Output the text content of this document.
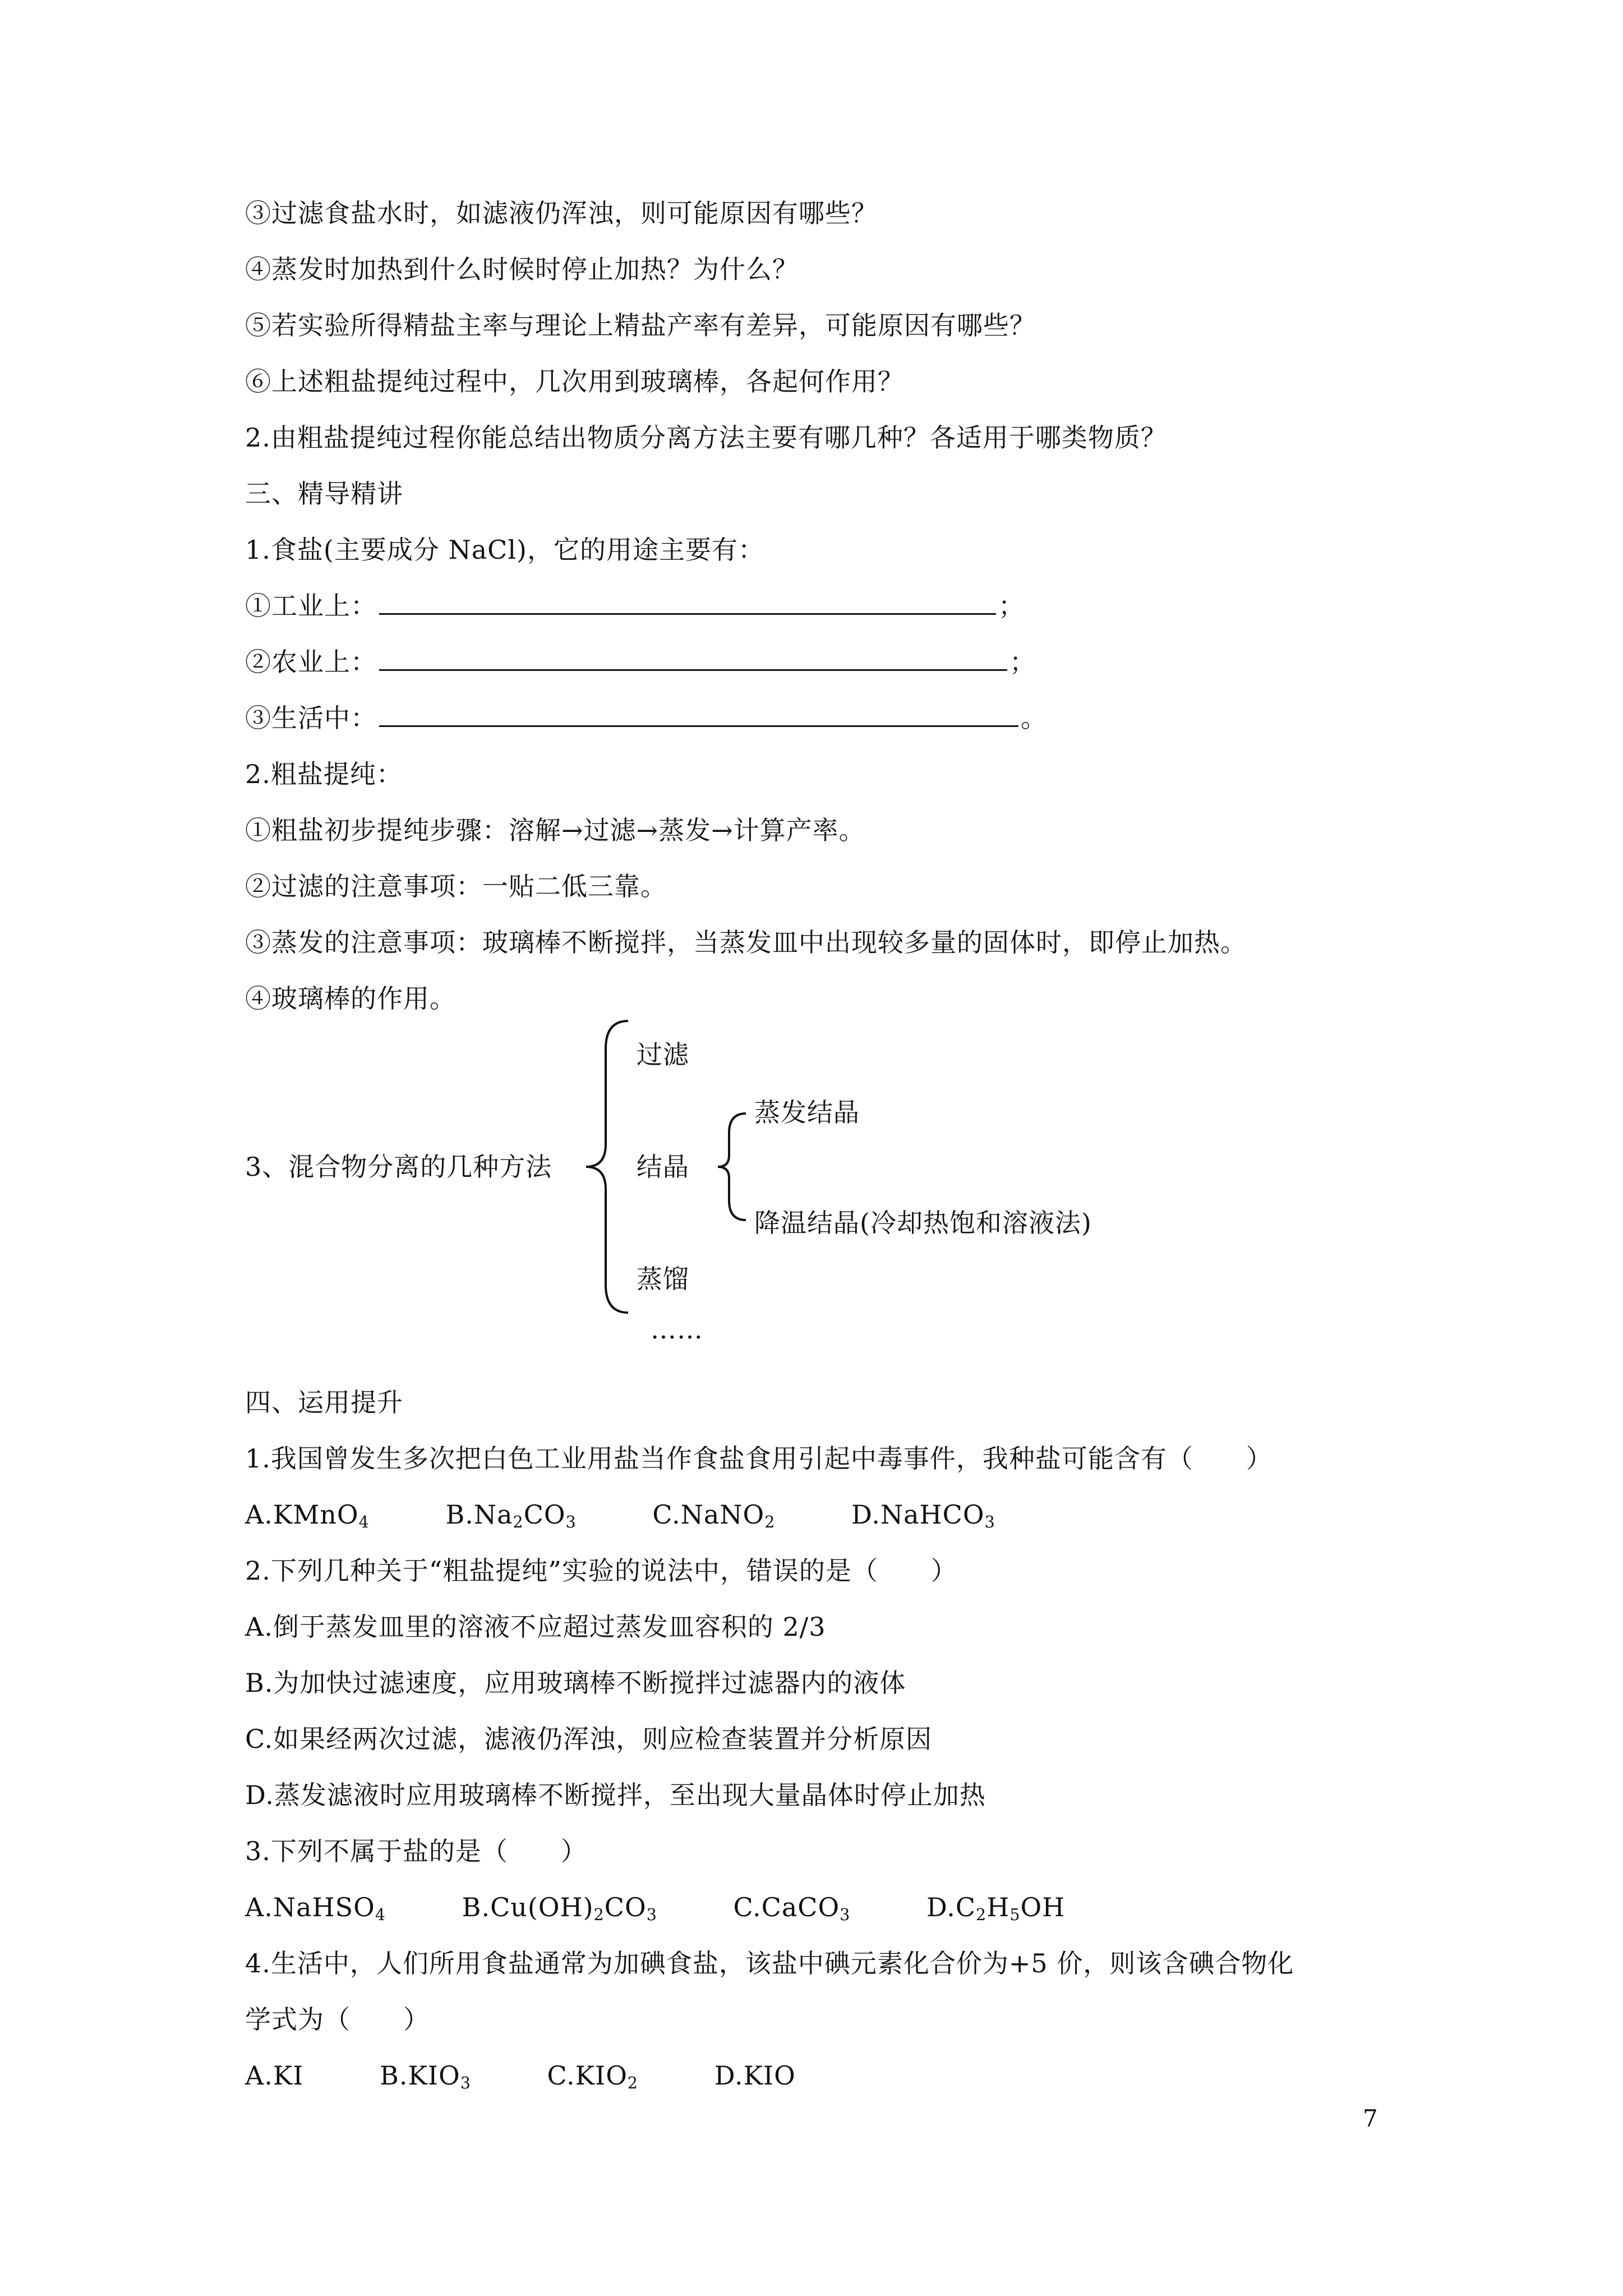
③过滤食盐水时，如滤液仍浑浊，则可能原因有哪些？
④蒸发时加热到什么时候时停止加热？为什么？
⑤若实验所得精盐主率与理论上精盐产率有差异，可能原因有哪些？
⑥上述粗盐提纯过程中，几次用到玻璃棒，各起何作用？
2.由粗盐提纯过程你能总结出物质分离方法主要有哪几种？各适用于哪类物质？
三、精导精讲
1.食盐(主要成分 NaCl)，它的用途主要有：
①工业上：	；
②农业上：	；
③生活中：	。
2.粗盐提纯：
①粗盐初步提纯步骤：溶解→过滤→蒸发→计算产率。
②过滤的注意事项：一贴二低三靠。
③蒸发的注意事项：玻璃棒不断搅拌，当蒸发皿中出现较多量的固体时，即停止加热。
④玻璃棒的作用。
3、混合物分离的几种方法
过滤
结晶
蒸发结晶
降温结晶(冷却热饱和溶液法)
蒸馏
……
四、运用提升
1.我国曾发生多次把白色工业用盐当作食盐食用引起中毒事件，我种盐可能含有（　　）
A.KMnO$_4$	$B.Na_2CO_3$	C.NaNO$_2$	D.NaHCO$_3$
2.下列几种关于“粗盐提纯”实验的说法中，错误的是（　　）
A.倒于蒸发皿里的溶液不应超过蒸发皿容积的 2/3
B.为加快过滤速度，应用玻璃棒不断搅拌过滤器内的液体
C.如果经两次过滤，滤液仍浑浊，则应检查装置并分析原因
D.蒸发滤液时应用玻璃棒不断搅拌，至出现大量晶体时停止加热
3.下列不属于盐的是（　　）
A.NaHSO$_4$	$B.Cu(OH)_2CO_3$	C.CaCO$_3$	$D.C_2H_5OH$
4.生活中，人们所用食盐通常为加碘食盐，该盐中碘元素化合价为+5 价，则该含碘合物化
学式为（　　）
A.KI	$B.KIO_3$	$C.KIO_2$	D.KIO
7
